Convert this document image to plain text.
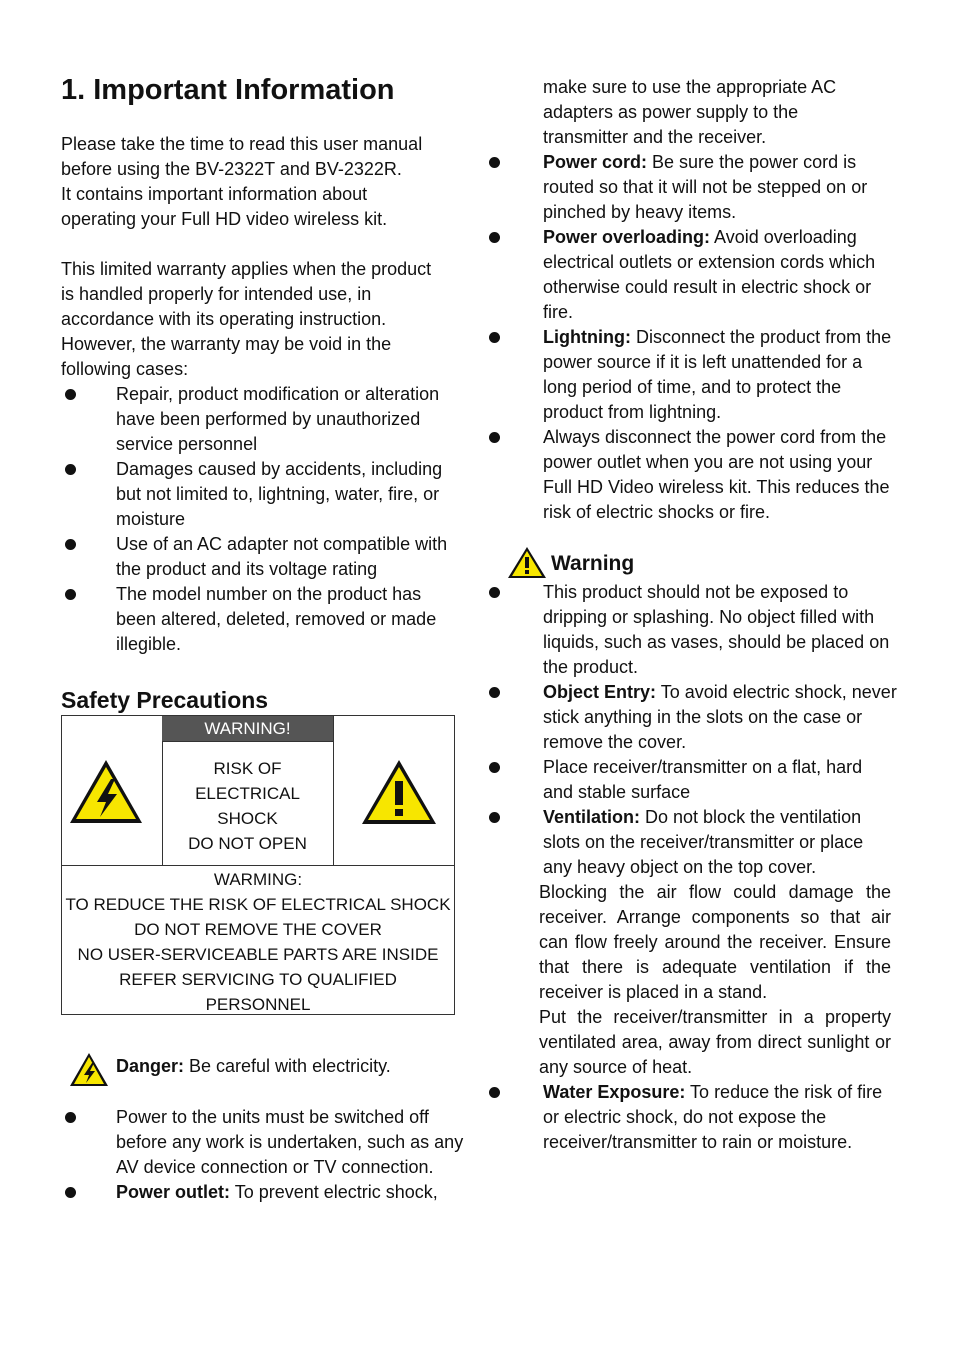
1. Important Information
Please take the time to read this user manual
before using the BV-2322T and BV-2322R.
It contains important information about
operating your Full HD video wireless kit.
This limited warranty applies when the product
is handled properly for intended use, in
accordance with its operating instruction.
However, the warranty may be void in the
following cases:
Repair, product modification or alteration have been performed by unauthorized service personnel
Damages caused by accidents, including but not limited to, lightning, water, fire, or moisture
Use of an AC adapter not compatible with the product and its voltage rating
The model number on the product has been altered, deleted, removed or made illegible.
Safety Precautions
WARNING!
RISK OF
ELECTRICAL
SHOCK
DO NOT OPEN
WARMING:
TO REDUCE THE RISK OF ELECTRICAL SHOCK
DO NOT REMOVE THE COVER
NO USER-SERVICEABLE PARTS ARE INSIDE
REFER SERVICING TO QUALIFIED
PERSONNEL
Danger: Be careful with electricity.
Power to the units must be switched off before any work is undertaken, such as any AV device connection or TV connection.
Power outlet: To prevent electric shock,
make sure to use the appropriate AC
adapters as power supply to the
transmitter and the receiver.
Power cord: Be sure the power cord is routed so that it will not be stepped on or pinched by heavy items.
Power overloading: Avoid overloading electrical outlets or extension cords which otherwise could result in electric shock or fire.
Lightning: Disconnect the product from the power source if it is left unattended for a long period of time, and to protect the product from lightning.
Always disconnect the power cord from the power outlet when you are not using your Full HD Video wireless kit. This reduces the risk of electric shocks or fire.
Warning
This product should not be exposed to dripping or splashing. No object filled with liquids, such as vases, should be placed on the product.
Object Entry: To avoid electric shock, never stick anything in the slots on the case or remove the cover.
Place receiver/transmitter on a flat, hard and stable surface
Ventilation: Do not block the ventilation slots on the receiver/transmitter or place any heavy object on the top cover.
Blocking the air flow could damage the receiver. Arrange components so that air can flow freely around the receiver. Ensure that there is adequate ventilation if the receiver is placed in a stand.
Put the receiver/transmitter in a property ventilated area, away from direct sunlight or any source of heat.
Water Exposure: To reduce the risk of fire or electric shock, do not expose the receiver/transmitter to rain or moisture.
